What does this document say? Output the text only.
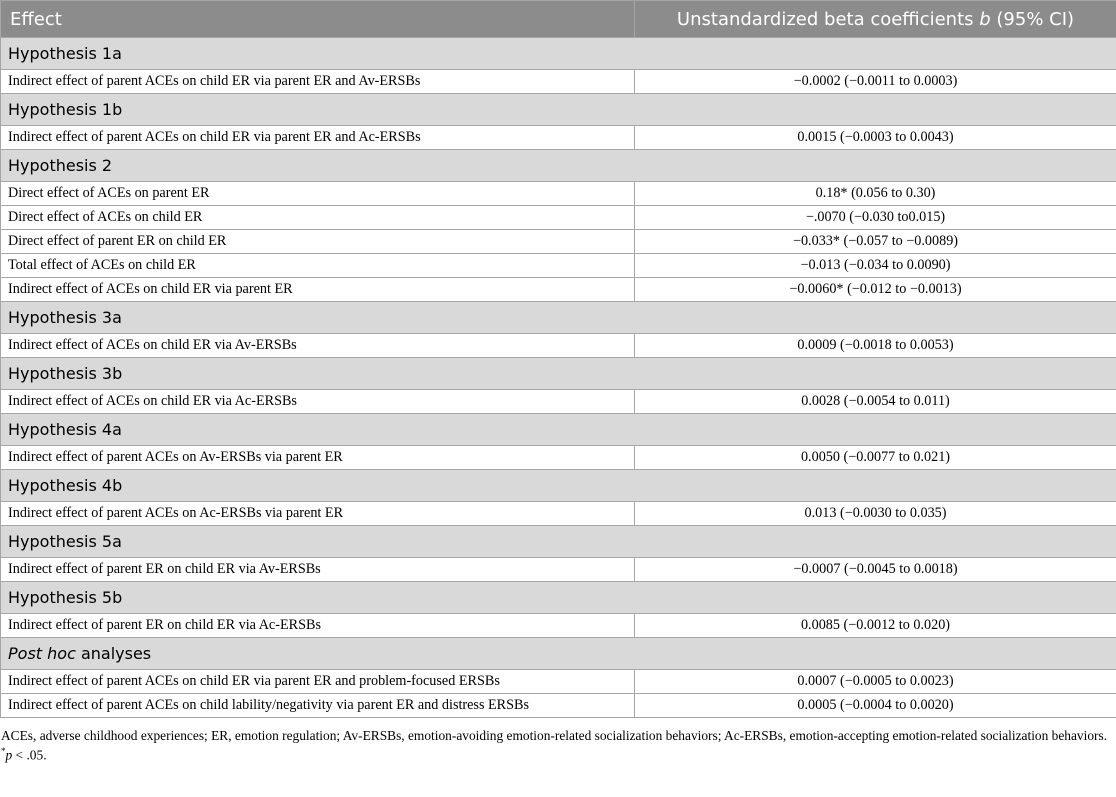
Effect	Unstandardized beta coefficients b (95% CI)
Hypothesis 1a	
Indirect effect of parent ACEs on child ER via parent ER and Av-ERSBs	−0.0002 (−0.0011 to 0.0003)
Hypothesis 1b	
Indirect effect of parent ACEs on child ER via parent ER and Ac-ERSBs	0.0015 (−0.0003 to 0.0043)
Hypothesis 2	
Direct effect of ACEs on parent ER	0.18* (0.056 to 0.30)
Direct effect of ACEs on child ER	−.0070 (−0.030 to0.015)
Direct effect of parent ER on child ER	−0.033* (−0.057 to −0.0089)
Total effect of ACEs on child ER	−0.013 (−0.034 to 0.0090)
Indirect effect of ACEs on child ER via parent ER	−0.0060* (−0.012 to −0.0013)
Hypothesis 3a	
Indirect effect of ACEs on child ER via Av-ERSBs	0.0009 (−0.0018 to 0.0053)
Hypothesis 3b	
Indirect effect of ACEs on child ER via Ac-ERSBs	0.0028 (−0.0054 to 0.011)
Hypothesis 4a	
Indirect effect of parent ACEs on Av-ERSBs via parent ER	0.0050 (−0.0077 to 0.021)
Hypothesis 4b	
Indirect effect of parent ACEs on Ac-ERSBs via parent ER	0.013 (−0.0030 to 0.035)
Hypothesis 5a	
Indirect effect of parent ER on child ER via Av-ERSBs	−0.0007 (−0.0045 to 0.0018)
Hypothesis 5b	
Indirect effect of parent ER on child ER via Ac-ERSBs	0.0085 (−0.0012 to 0.020)
Post hoc analyses	
Indirect effect of parent ACEs on child ER via parent ER and problem-focused ERSBs	0.0007 (−0.0005 to 0.0023)
Indirect effect of parent ACEs on child lability/negativity via parent ER and distress ERSBs	0.0005 (−0.0004 to 0.0020)
ACEs, adverse childhood experiences; ER, emotion regulation; Av-ERSBs, emotion-avoiding emotion-related socialization behaviors; Ac-ERSBs, emotion-accepting emotion-related socialization behaviors.
*p < .05.
